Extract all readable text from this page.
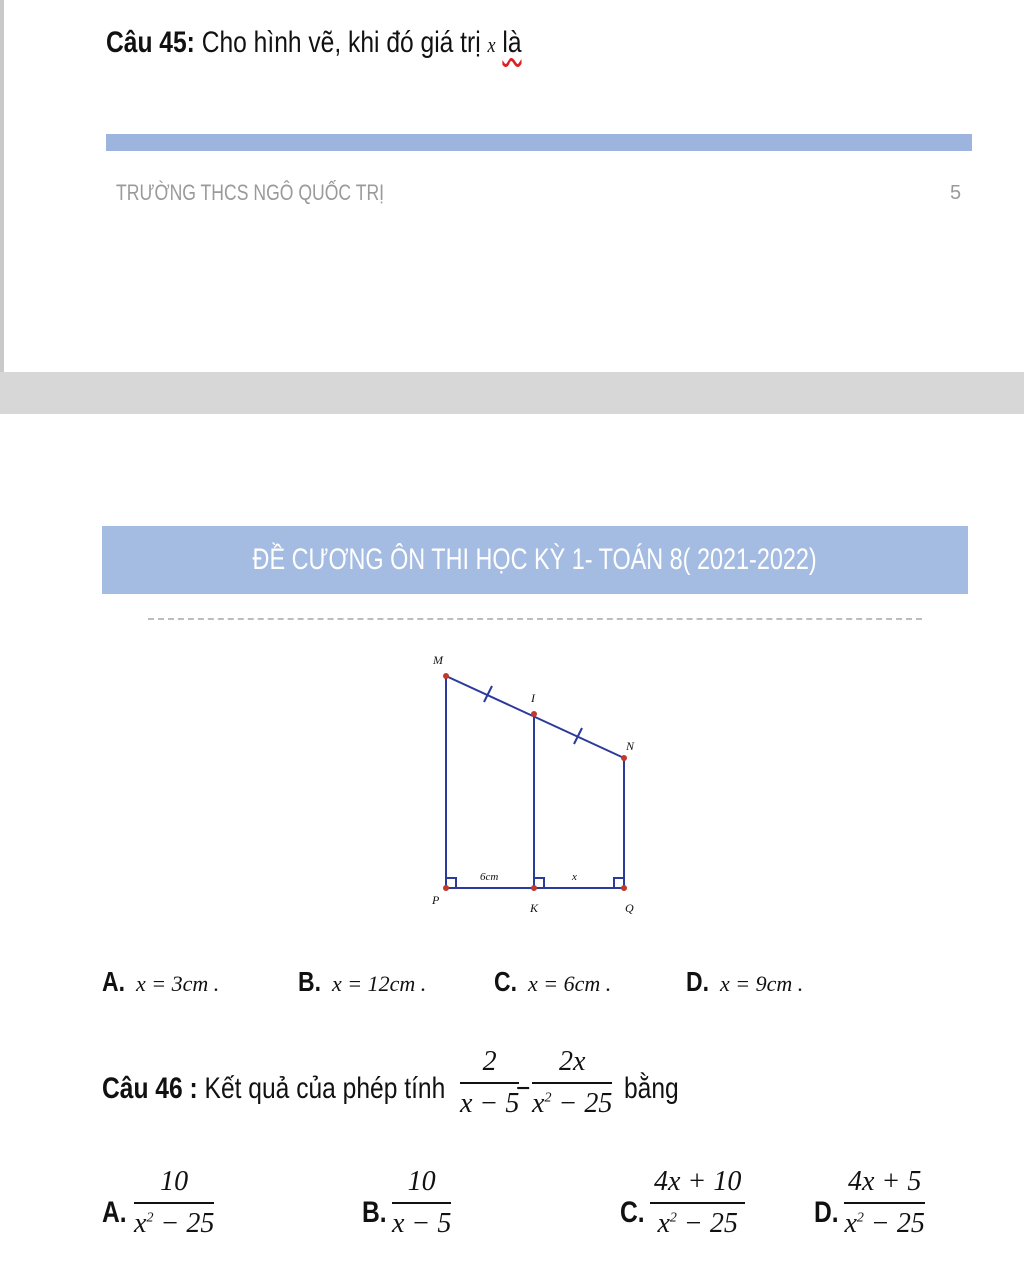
Câu 45: Cho hình vẽ, khi đó giá trị x là
TRƯỜNG THCS NGÔ QUỐC TRỊ	5
ĐỀ CƯƠNG ÔN THI HỌC KỲ 1- TOÁN 8( 2021-2022)
M
I
N
P
K	Q
6cm	x
A. x = 3cm .	B. x = 12cm . C. x = 6cm .	D. x = 9cm .
Câu 46 : Kết quả của phép tính $\frac{2}{x - 5}$
− $\frac{2x}{x^2 - 25}$ bằng
A. $\frac{10}{x^2 - 25}$	B. $\frac{10}{x - 5}$	C. $\frac{4x + 10}{x^2 - 25} D$. $\frac{4x + 5}{x^2 - 25}$
